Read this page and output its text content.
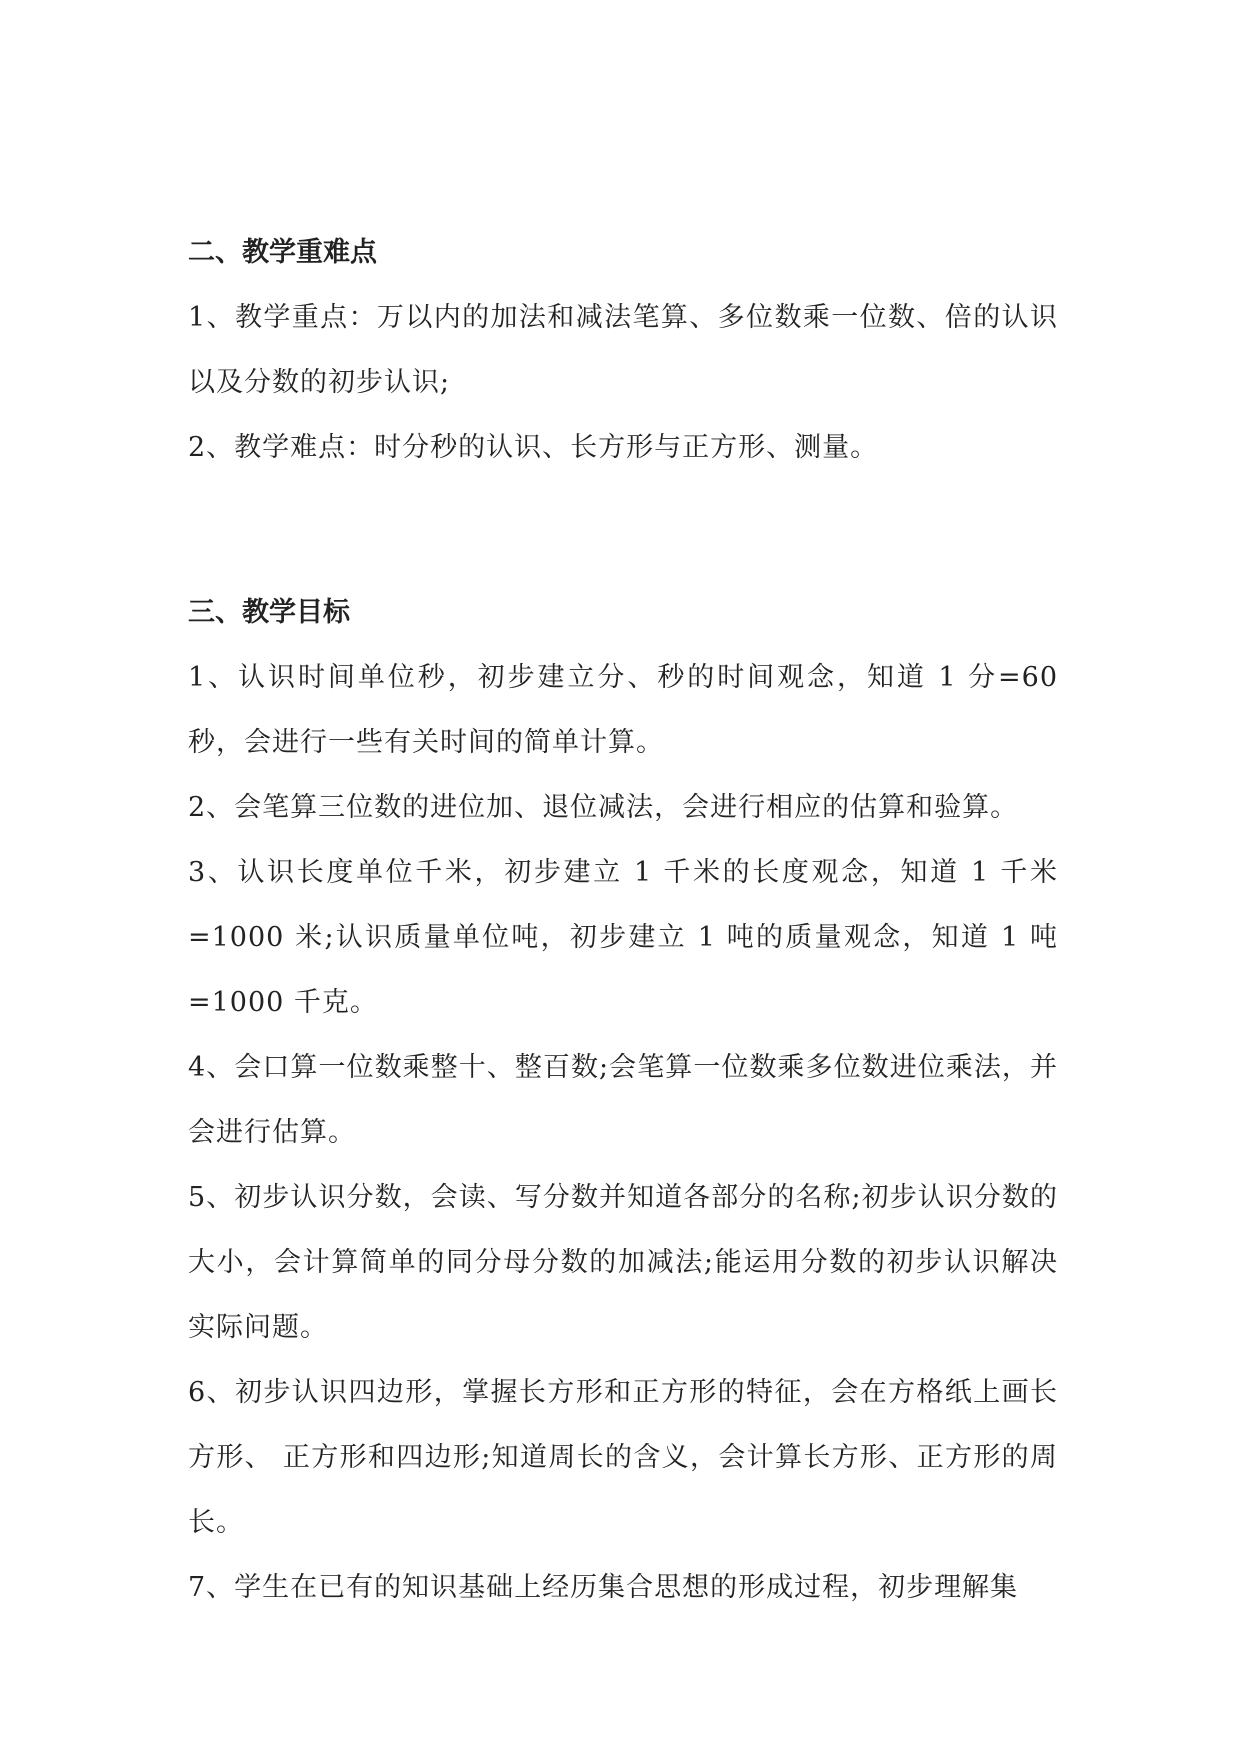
二、教学重难点

1、教学重点：万以内的加法和减法笔算、多位数乘一位数、倍的认识以及分数的初步认识;

2、教学难点：时分秒的认识、长方形与正方形、测量。

三、教学目标

1、认识时间单位秒，初步建立分、秒的时间观念，知道 1 分=60 秒，会进行一些有关时间的简单计算。

2、会笔算三位数的进位加、退位减法，会进行相应的估算和验算。

3、认识长度单位千米，初步建立 1 千米的长度观念，知道 1 千米=1000 米;认识质量单位吨，初步建立 1 吨的质量观念，知道 1 吨=1000 千克。

4、会口算一位数乘整十、整百数;会笔算一位数乘多位数进位乘法，并会进行估算。

5、初步认识分数，会读、写分数并知道各部分的名称;初步认识分数的大小，会计算简单的同分母分数的加减法;能运用分数的初步认识解决实际问题。

6、初步认识四边形，掌握长方形和正方形的特征，会在方格纸上画长方形、 正方形和四边形;知道周长的含义，会计算长方形、正方形的周长。

7、学生在已有的知识基础上经历集合思想的形成过程，初步理解集
